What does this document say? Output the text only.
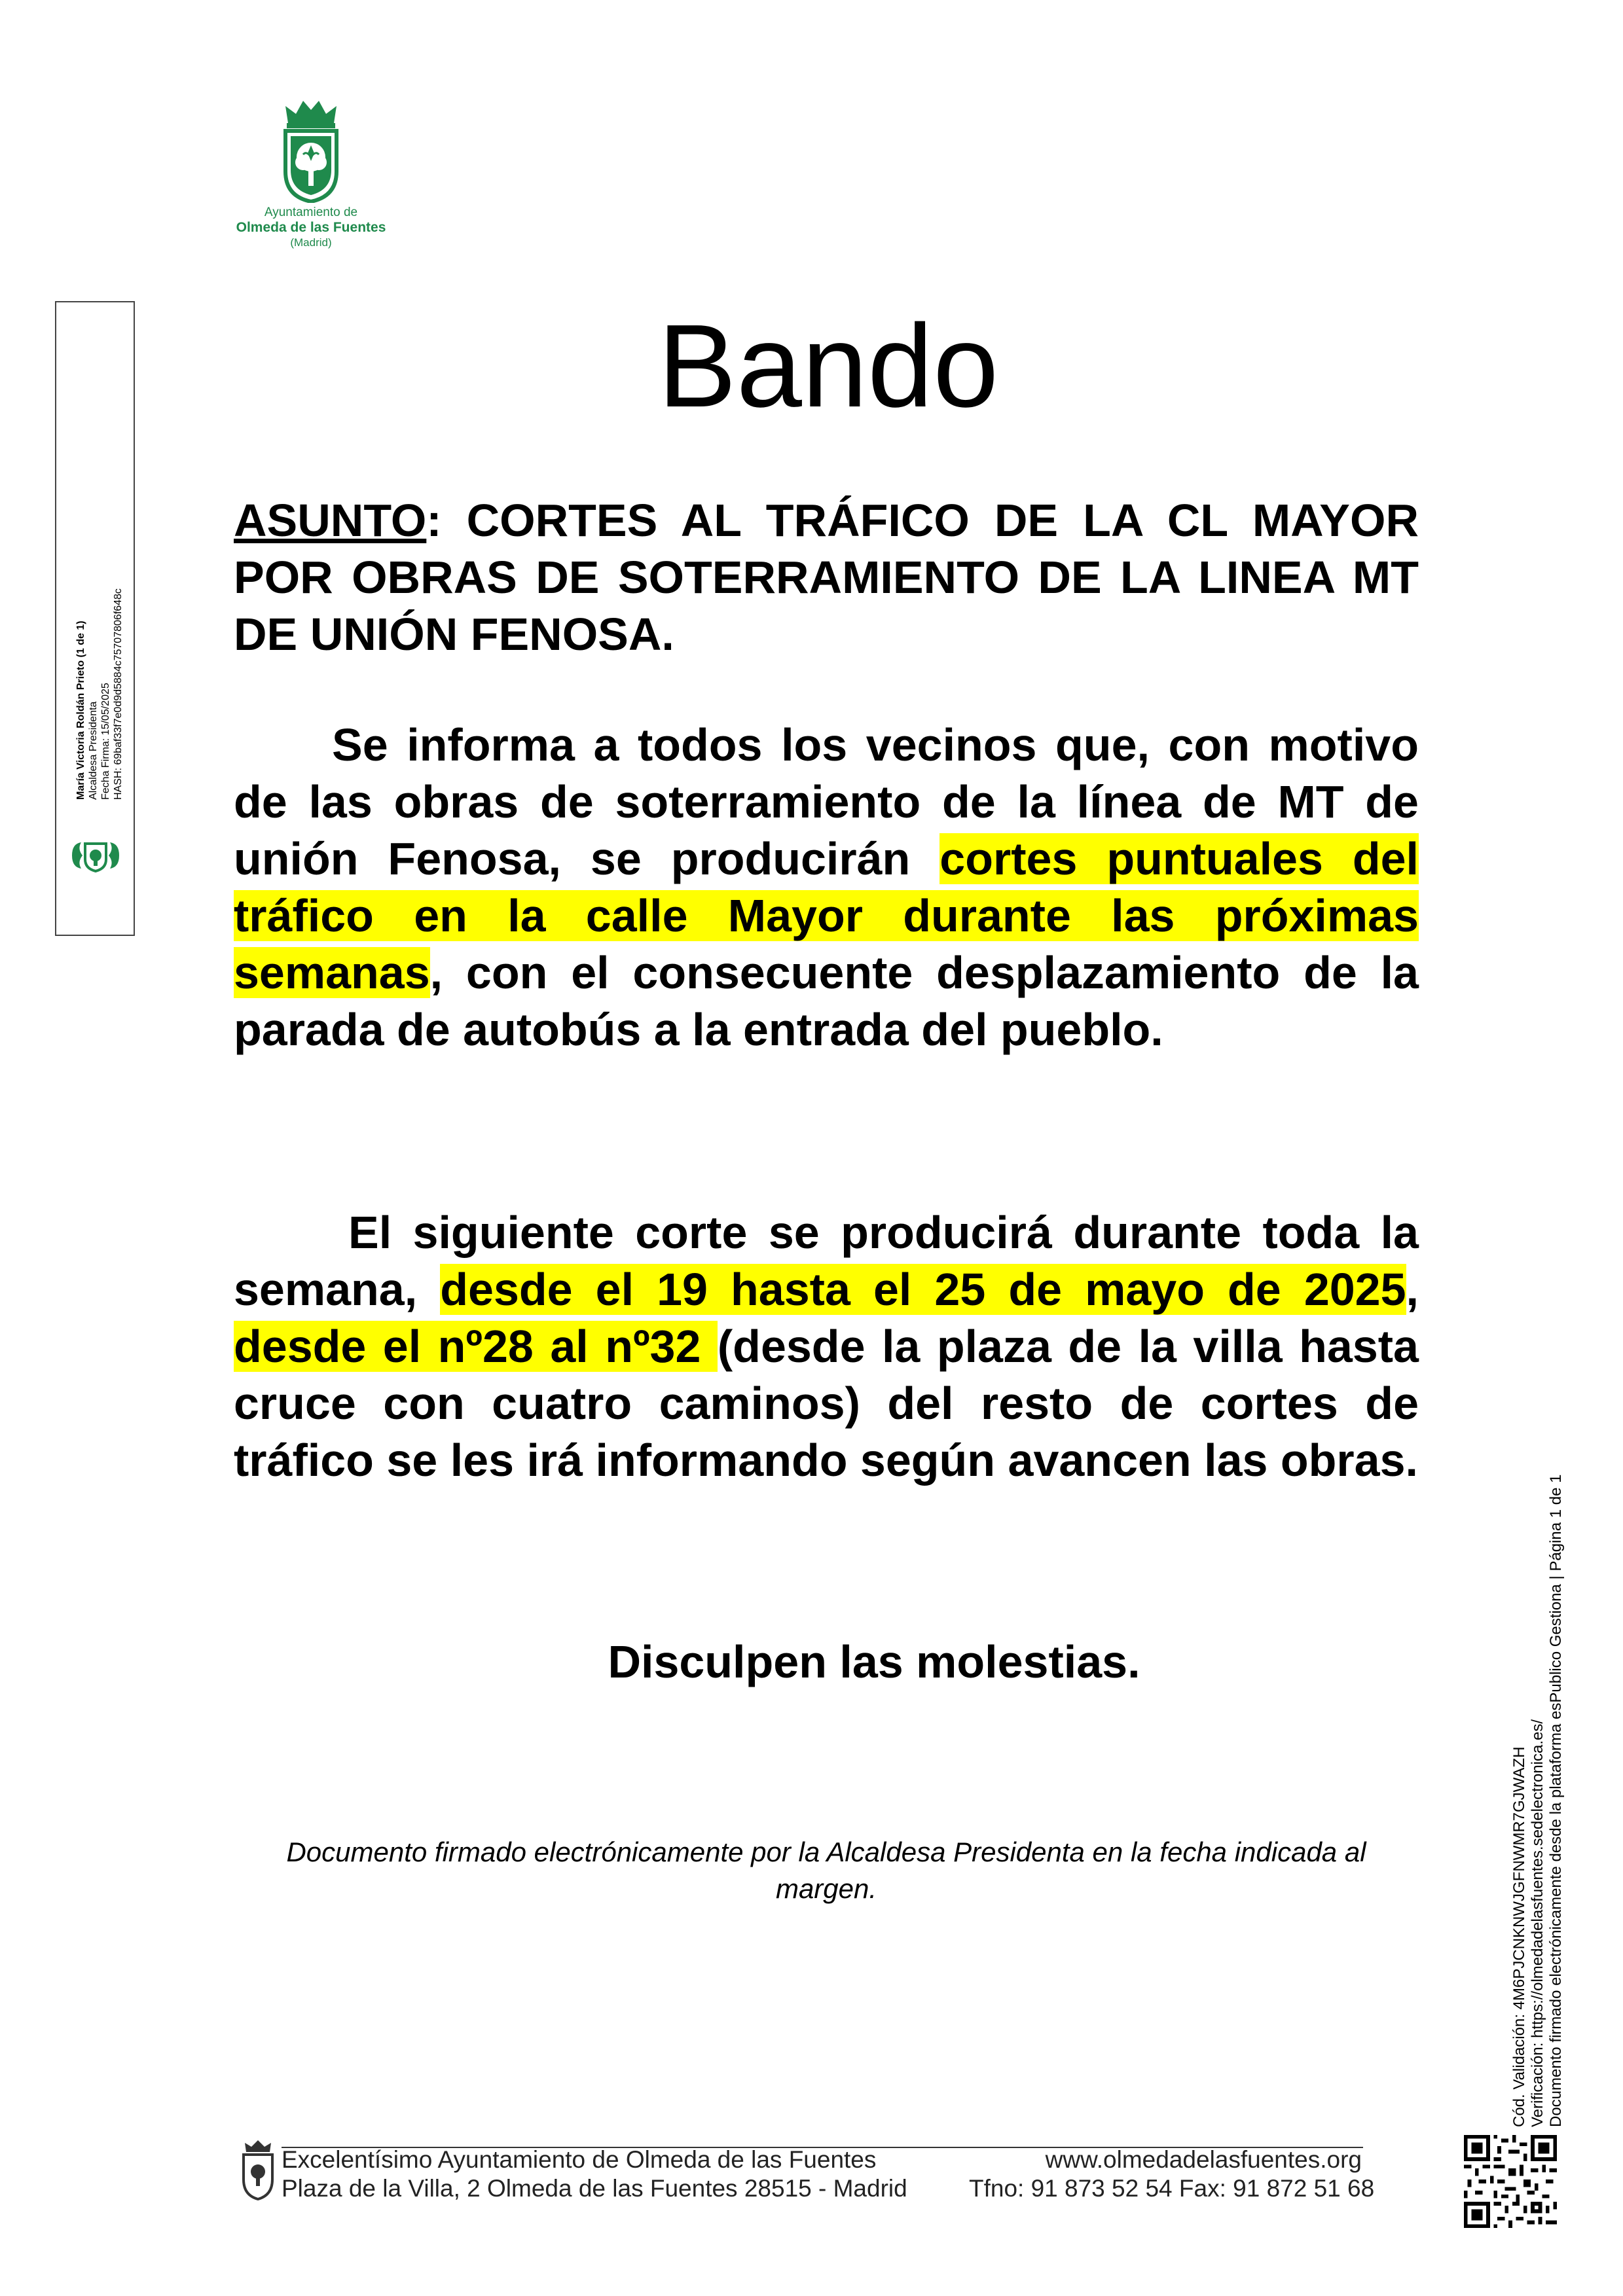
Ayuntamiento de
Olmeda de las Fuentes
(Madrid)
María Victoria Roldán Prieto (1 de 1) Alcaldesa Presidenta Fecha Firma: 15/05/2025 HASH: 69baf33f7e0d9d5884c75707806f648c
Bando
ASUNTO: CORTES AL TRÁFICO DE LA CL MAYOR POR OBRAS DE SOTERRAMIENTO DE LA LINEA MT DE UNIÓN FENOSA.
Se informa a todos los vecinos que, con motivo de las obras de soterramiento de la línea de MT de unión Fenosa, se producirán cortes puntuales del tráfico en la calle Mayor durante las próximas semanas, con el consecuente desplazamiento de la parada de autobús a la entrada del pueblo.
El siguiente corte se producirá durante toda la semana, desde el 19 hasta el 25 de mayo de 2025, desde el nº28 al nº32 (desde la plaza de la villa hasta cruce con cuatro caminos) del resto de cortes de tráfico se les irá informando según avancen las obras.
Disculpen las molestias.
Documento firmado electrónicamente por la Alcaldesa Presidenta en la fecha indicada al margen.	Cód. Validación: 4M6PJCNKNWJGFNWMR7GJWAZH Verificación: https://olmedadelasfuentes.sedelectronica.es/ Documento firmado electrónicamente desde la plataforma esPublico Gestiona | Página 1 de 1
Excelentísimo Ayuntamiento de Olmeda de las Fuentes
Plaza de la Villa, 2 Olmeda de las Fuentes 28515 - Madrid
www.olmedadelasfuentes.org
Tfno: 91 873 52 54 Fax: 91 872 51 68
